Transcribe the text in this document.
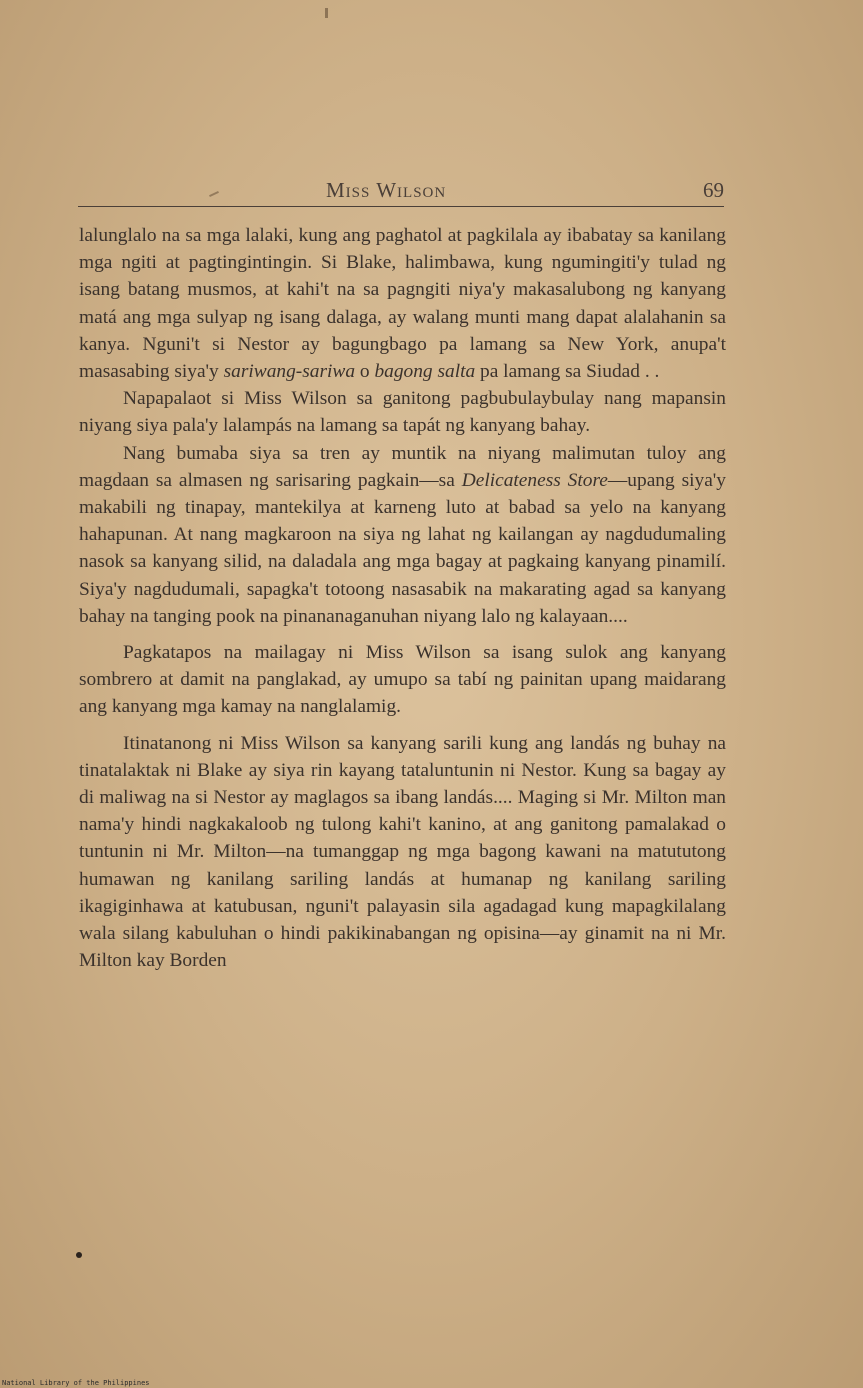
Miss Wilson	69

lalunglalo na sa mga lalaki, kung ang paghatol at pagkilala ay ibabatay sa kanilang mga ngiti at pagtingintingin. Si Blake, halimbawa, kung ngumingiti'y tulad ng isang batang musmos, at kahi't na sa pagngiti niya'y makasalubong ng kanyang matá ang mga sulyap ng isang dalaga, ay walang munti mang dapat alalahanin sa kanya. Nguni't si Nestor ay bagungbago pa lamang sa New York, anupa't masasabing siya'y sariwang-sariwa o bagong salta pa lamang sa Siudad . .

Napapalaot si Miss Wilson sa ganitong pagbubulaybulay nang mapansin niyang siya pala'y lalampás na lamang sa tapát ng kanyang bahay.

Nang bumaba siya sa tren ay muntik na niyang malimutan tuloy ang magdaan sa almasen ng sarisaring pagkain—sa Delicateness Store—upang siya'y makabili ng tinapay, mantekilya at karneng luto at babad sa yelo na kanyang hahapunan. At nang magkaroon na siya ng lahat ng kailangan ay nagdudumaling nasok sa kanyang silid, na daladala ang mga bagay at pagkaing kanyang pinamilí. Siya'y nagdudumali, sapagka't totoong nasasabik na makarating agad sa kanyang bahay na tanging pook na pinananaganuhan niyang lalo ng kalayaan....

Pagkatapos na mailagay ni Miss Wilson sa isang sulok ang kanyang sombrero at damit na panglakad, ay umupo sa tabí ng painitan upang maidarang ang kanyang mga kamay na nanglalamig.

Itinatanong ni Miss Wilson sa kanyang sarili kung ang landás ng buhay na tinatalaktak ni Blake ay siya rin kayang tataluntunin ni Nestor. Kung sa bagay ay di maliwag na si Nestor ay maglagos sa ibang landás.... Maging si Mr. Milton man nama'y hindi nagkakaloob ng tulong kahi't kanino, at ang ganitong pamalakad o tuntunin ni Mr. Milton—na tumanggap ng mga bagong kawani na matututong humawan ng kanilang sariling landás at humanap ng kanilang sariling ikagiginhawa at katubusan, nguni't palayasin sila agadagad kung mapagkilalang wala silang kabuluhan o hindi pakikinabangan ng opisina—ay ginamit na ni Mr. Milton kay Borden

National Library of the Philippines
